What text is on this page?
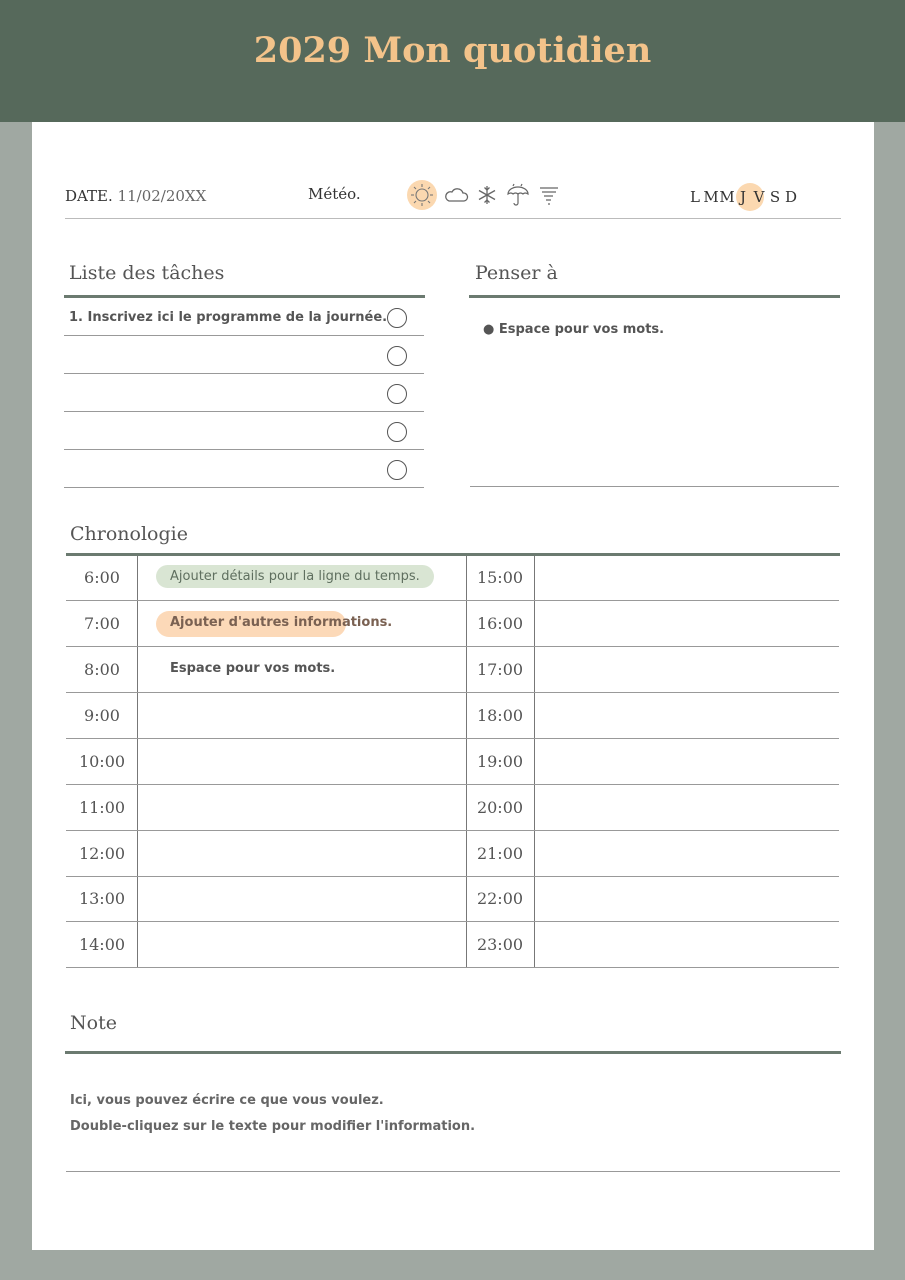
2029 Mon quotidien
DATE. 11/02/20XX	Météo.	L M M J V S D
Liste des tâches
1. Inscrivez ici le programme de la journée.
Penser à
● Espace pour vos mots.
Chronologie
6:00
7:00
8:00
9:00
10:00
11:00
12:00
13:00
14:00
15:00
16:00
17:00
18:00
19:00
20:00
21:00
22:00
23:00
Ajouter détails pour la ligne du temps.
Ajouter d'autres informations.
Espace pour vos mots.
Note
Ici, vous pouvez écrire ce que vous voulez.
Double-cliquez sur le texte pour modifier l'information.
